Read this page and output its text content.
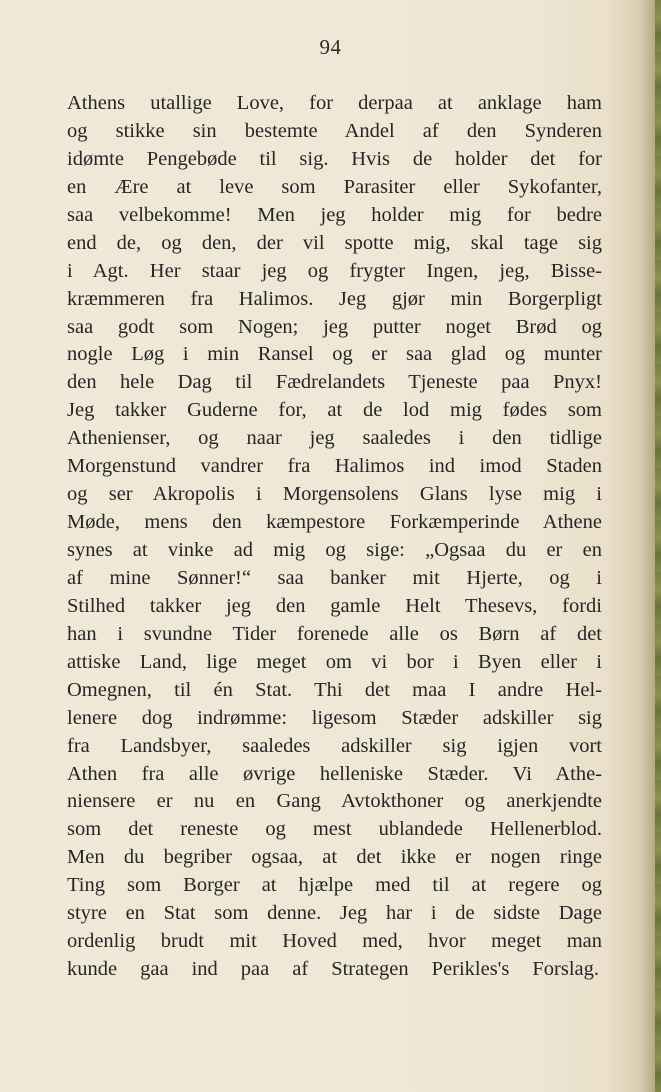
94
Athens utallige Love, for derpaa at anklage ham
og stikke sin bestemte Andel af den Synderen
idømte Pengebøde til sig. Hvis de holder det for
en Ære at leve som Parasiter eller Sykofanter,
saa velbekomme! Men jeg holder mig for bedre
end de, og den, der vil spotte mig, skal tage sig
i Agt. Her staar jeg og frygter Ingen, jeg, Bisse-
kræmmeren fra Halimos. Jeg gjør min Borgerpligt
saa godt som Nogen; jeg putter noget Brød og
nogle Løg i min Ransel og er saa glad og munter
den hele Dag til Fædrelandets Tjeneste paa Pnyx!
Jeg takker Guderne for, at de lod mig fødes som
Athenienser, og naar jeg saaledes i den tidlige
Morgenstund vandrer fra Halimos ind imod Staden
og ser Akropolis i Morgensolens Glans lyse mig i
Møde, mens den kæmpestore Forkæmperinde Athene
synes at vinke ad mig og sige: „Ogsaa du er en
af mine Sønner!“ saa banker mit Hjerte, og i
Stilhed takker jeg den gamle Helt Thesevs, fordi
han i svundne Tider forenede alle os Børn af det
attiske Land, lige meget om vi bor i Byen eller i
Omegnen, til én Stat. Thi det maa I andre Hel-
lenere dog indrømme: ligesom Stæder adskiller sig
fra Landsbyer, saaledes adskiller sig igjen vort
Athen fra alle øvrige helleniske Stæder. Vi Athe-
niensere er nu en Gang Avtokthoner og anerkjendte
som det reneste og mest ublandede Hellenerblod.
Men du begriber ogsaa, at det ikke er nogen ringe
Ting som Borger at hjælpe med til at regere og
styre en Stat som denne. Jeg har i de sidste Dage
ordenlig brudt mit Hoved med, hvor meget man
kunde gaa ind paa af Strategen Perikles's Forslag.
